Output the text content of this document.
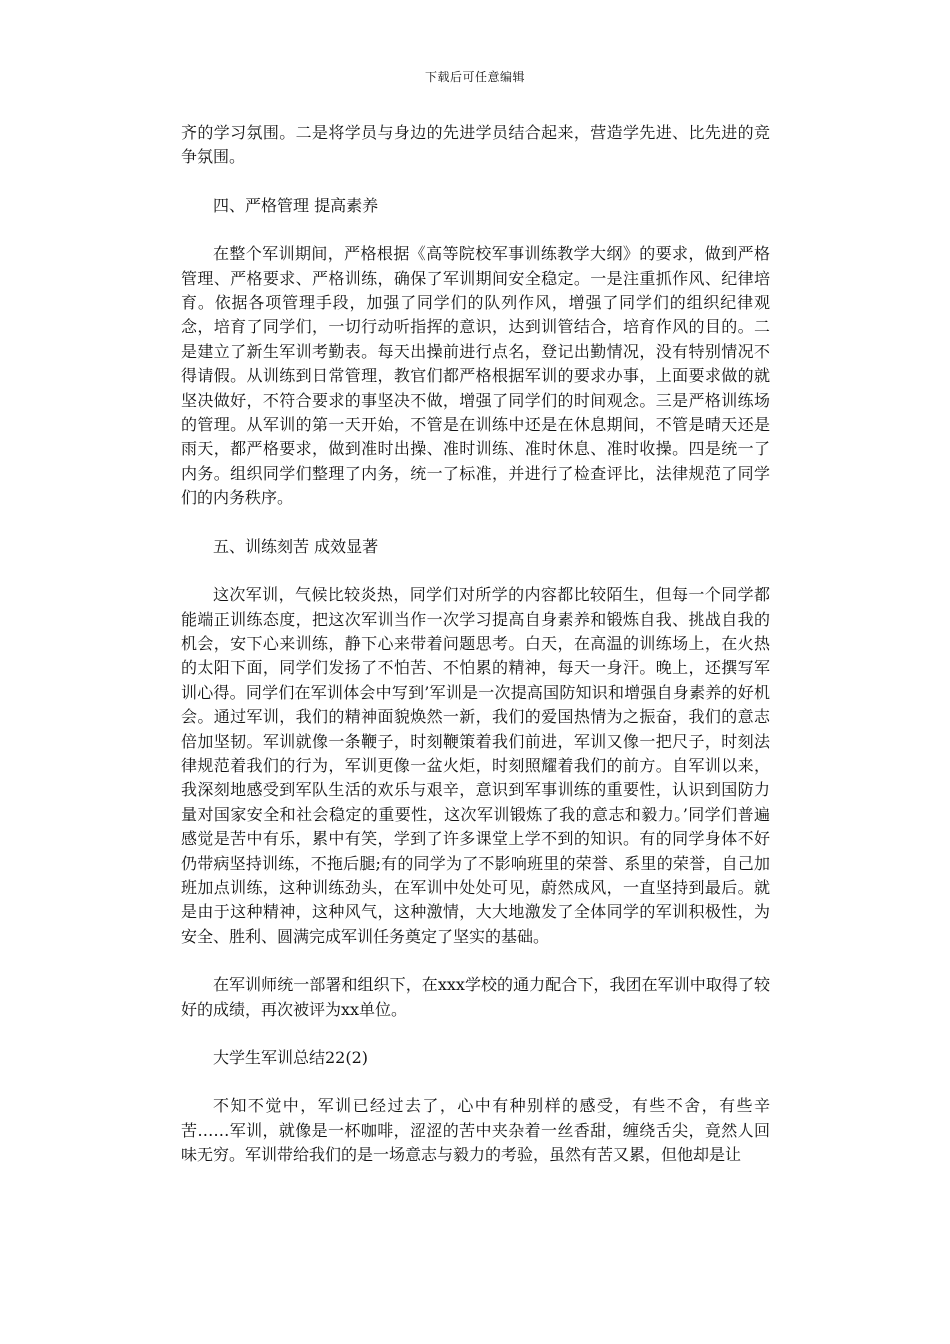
下载后可任意编辑

齐的学习氛围。二是将学员与身边的先进学员结合起来，营造学先进、比先进的竞争氛围。

四、严格管理 提高素养

在整个军训期间，严格根据《高等院校军事训练教学大纲》的要求，做到严格管理、严格要求、严格训练，确保了军训期间安全稳定。一是注重抓作风、纪律培育。依据各项管理手段，加强了同学们的队列作风，增强了同学们的组织纪律观念，培育了同学们，一切行动听指挥的意识，达到训管结合，培育作风的目的。二是建立了新生军训考勤表。每天出操前进行点名，登记出勤情况，没有特别情况不得请假。从训练到日常管理，教官们都严格根据军训的要求办事，上面要求做的就坚决做好，不符合要求的事坚决不做，增强了同学们的时间观念。三是严格训练场的管理。从军训的第一天开始，不管是在训练中还是在休息期间，不管是晴天还是雨天，都严格要求，做到准时出操、准时训练、准时休息、准时收操。四是统一了内务。组织同学们整理了内务，统一了标准，并进行了检查评比，法律规范了同学们的内务秩序。

五、训练刻苦 成效显著

这次军训，气候比较炎热，同学们对所学的内容都比较陌生，但每一个同学都能端正训练态度，把这次军训当作一次学习提高自身素养和锻炼自我、挑战自我的机会，安下心来训练，静下心来带着问题思考。白天，在高温的训练场上，在火热的太阳下面，同学们发扬了不怕苦、不怕累的精神，每天一身汗。晚上，还撰写军训心得。同学们在军训体会中写到’军训是一次提高国防知识和增强自身素养的好机会。通过军训，我们的精神面貌焕然一新，我们的爱国热情为之振奋，我们的意志倍加坚韧。军训就像一条鞭子，时刻鞭策着我们前进，军训又像一把尺子，时刻法律规范着我们的行为，军训更像一盆火炬，时刻照耀着我们的前方。自军训以来，我深刻地感受到军队生活的欢乐与艰辛，意识到军事训练的重要性，认识到国防力量对国家安全和社会稳定的重要性，这次军训锻炼了我的意志和毅力。’同学们普遍感觉是苦中有乐，累中有笑，学到了许多课堂上学不到的知识。有的同学身体不好仍带病坚持训练，不拖后腿;有的同学为了不影响班里的荣誉、系里的荣誉，自己加班加点训练，这种训练劲头，在军训中处处可见，蔚然成风，一直坚持到最后。就是由于这种精神，这种风气，这种激情，大大地激发了全体同学的军训积极性，为安全、胜利、圆满完成军训任务奠定了坚实的基础。

在军训师统一部署和组织下，在xxx学校的通力配合下，我团在军训中取得了较好的成绩，再次被评为xx单位。

大学生军训总结22(2)

不知不觉中，军训已经过去了，心中有种别样的感受，有些不舍，有些辛苦……军训，就像是一杯咖啡，涩涩的苦中夹杂着一丝香甜，缠绕舌尖，竟然人回味无穷。军训带给我们的是一场意志与毅力的考验，虽然有苦又累，但他却是让
